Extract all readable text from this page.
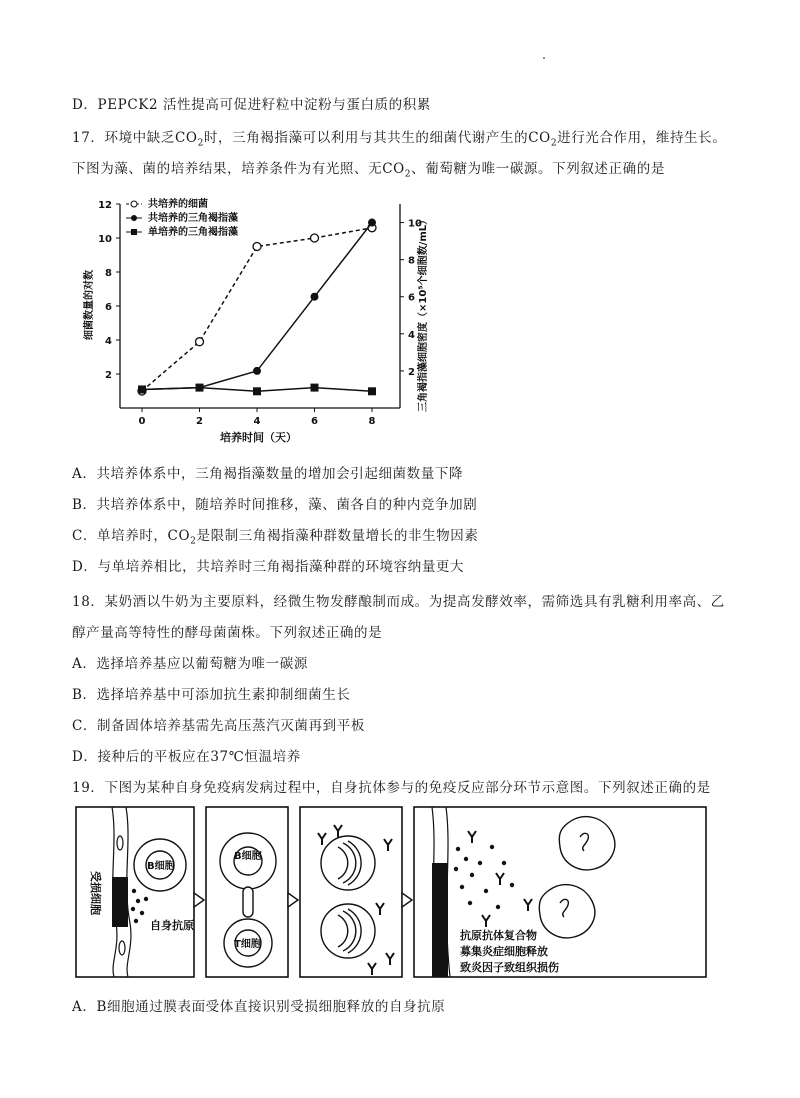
D．PEPCK2 活性提高可促进籽粒中淀粉与蛋白质的积累
17．环境中缺乏$CO_2$时，三角褐指藻可以利用与其共生的细菌代谢产生的$CO_2$进行光合作用，维持生长。
下图为藻、菌的培养结果，培养条件为有光照、无$CO_2$、葡萄糖为唯一碳源。下列叙述正确的是
2
4
6
8
10
12
2
4
6
8
10
0	2	4	6	8
共培养的细菌
共培养的三角褐指藻
单培养的三角褐指藻
培养时间（天）
细菌数量的对数	三角褐指藻细胞密度（×10⁵个细胞数/mL）
A．共培养体系中，三角褐指藻数量的增加会引起细菌数量下降
B．共培养体系中，随培养时间推移，藻、菌各自的种内竞争加剧
C．单培养时，$CO_2$是限制三角褐指藻种群数量增长的非生物因素
D．与单培养相比，共培养时三角褐指藻种群的环境容纳量更大
18．某奶酒以牛奶为主要原料，经微生物发酵酿制而成。为提高发酵效率，需筛选具有乳糖利用率高、乙
醇产量高等特性的酵母菌菌株。下列叙述正确的是
A．选择培养基应以葡萄糖为唯一碳源
B．选择培养基中可添加抗生素抑制细菌生长
C．制备固体培养基需先高压蒸汽灭菌再到平板
D．接种后的平板应在37℃恒温培养
19．下图为某种自身免疫病发病过程中，自身抗体参与的免疫反应部分环节示意图。下列叙述正确的是
受损细胞
B细胞
自身抗原
B细胞
T细胞
抗原抗体复合物
募集炎症细胞释放
致炎因子致组织损伤
A．B细胞通过膜表面受体直接识别受损细胞释放的自身抗原
